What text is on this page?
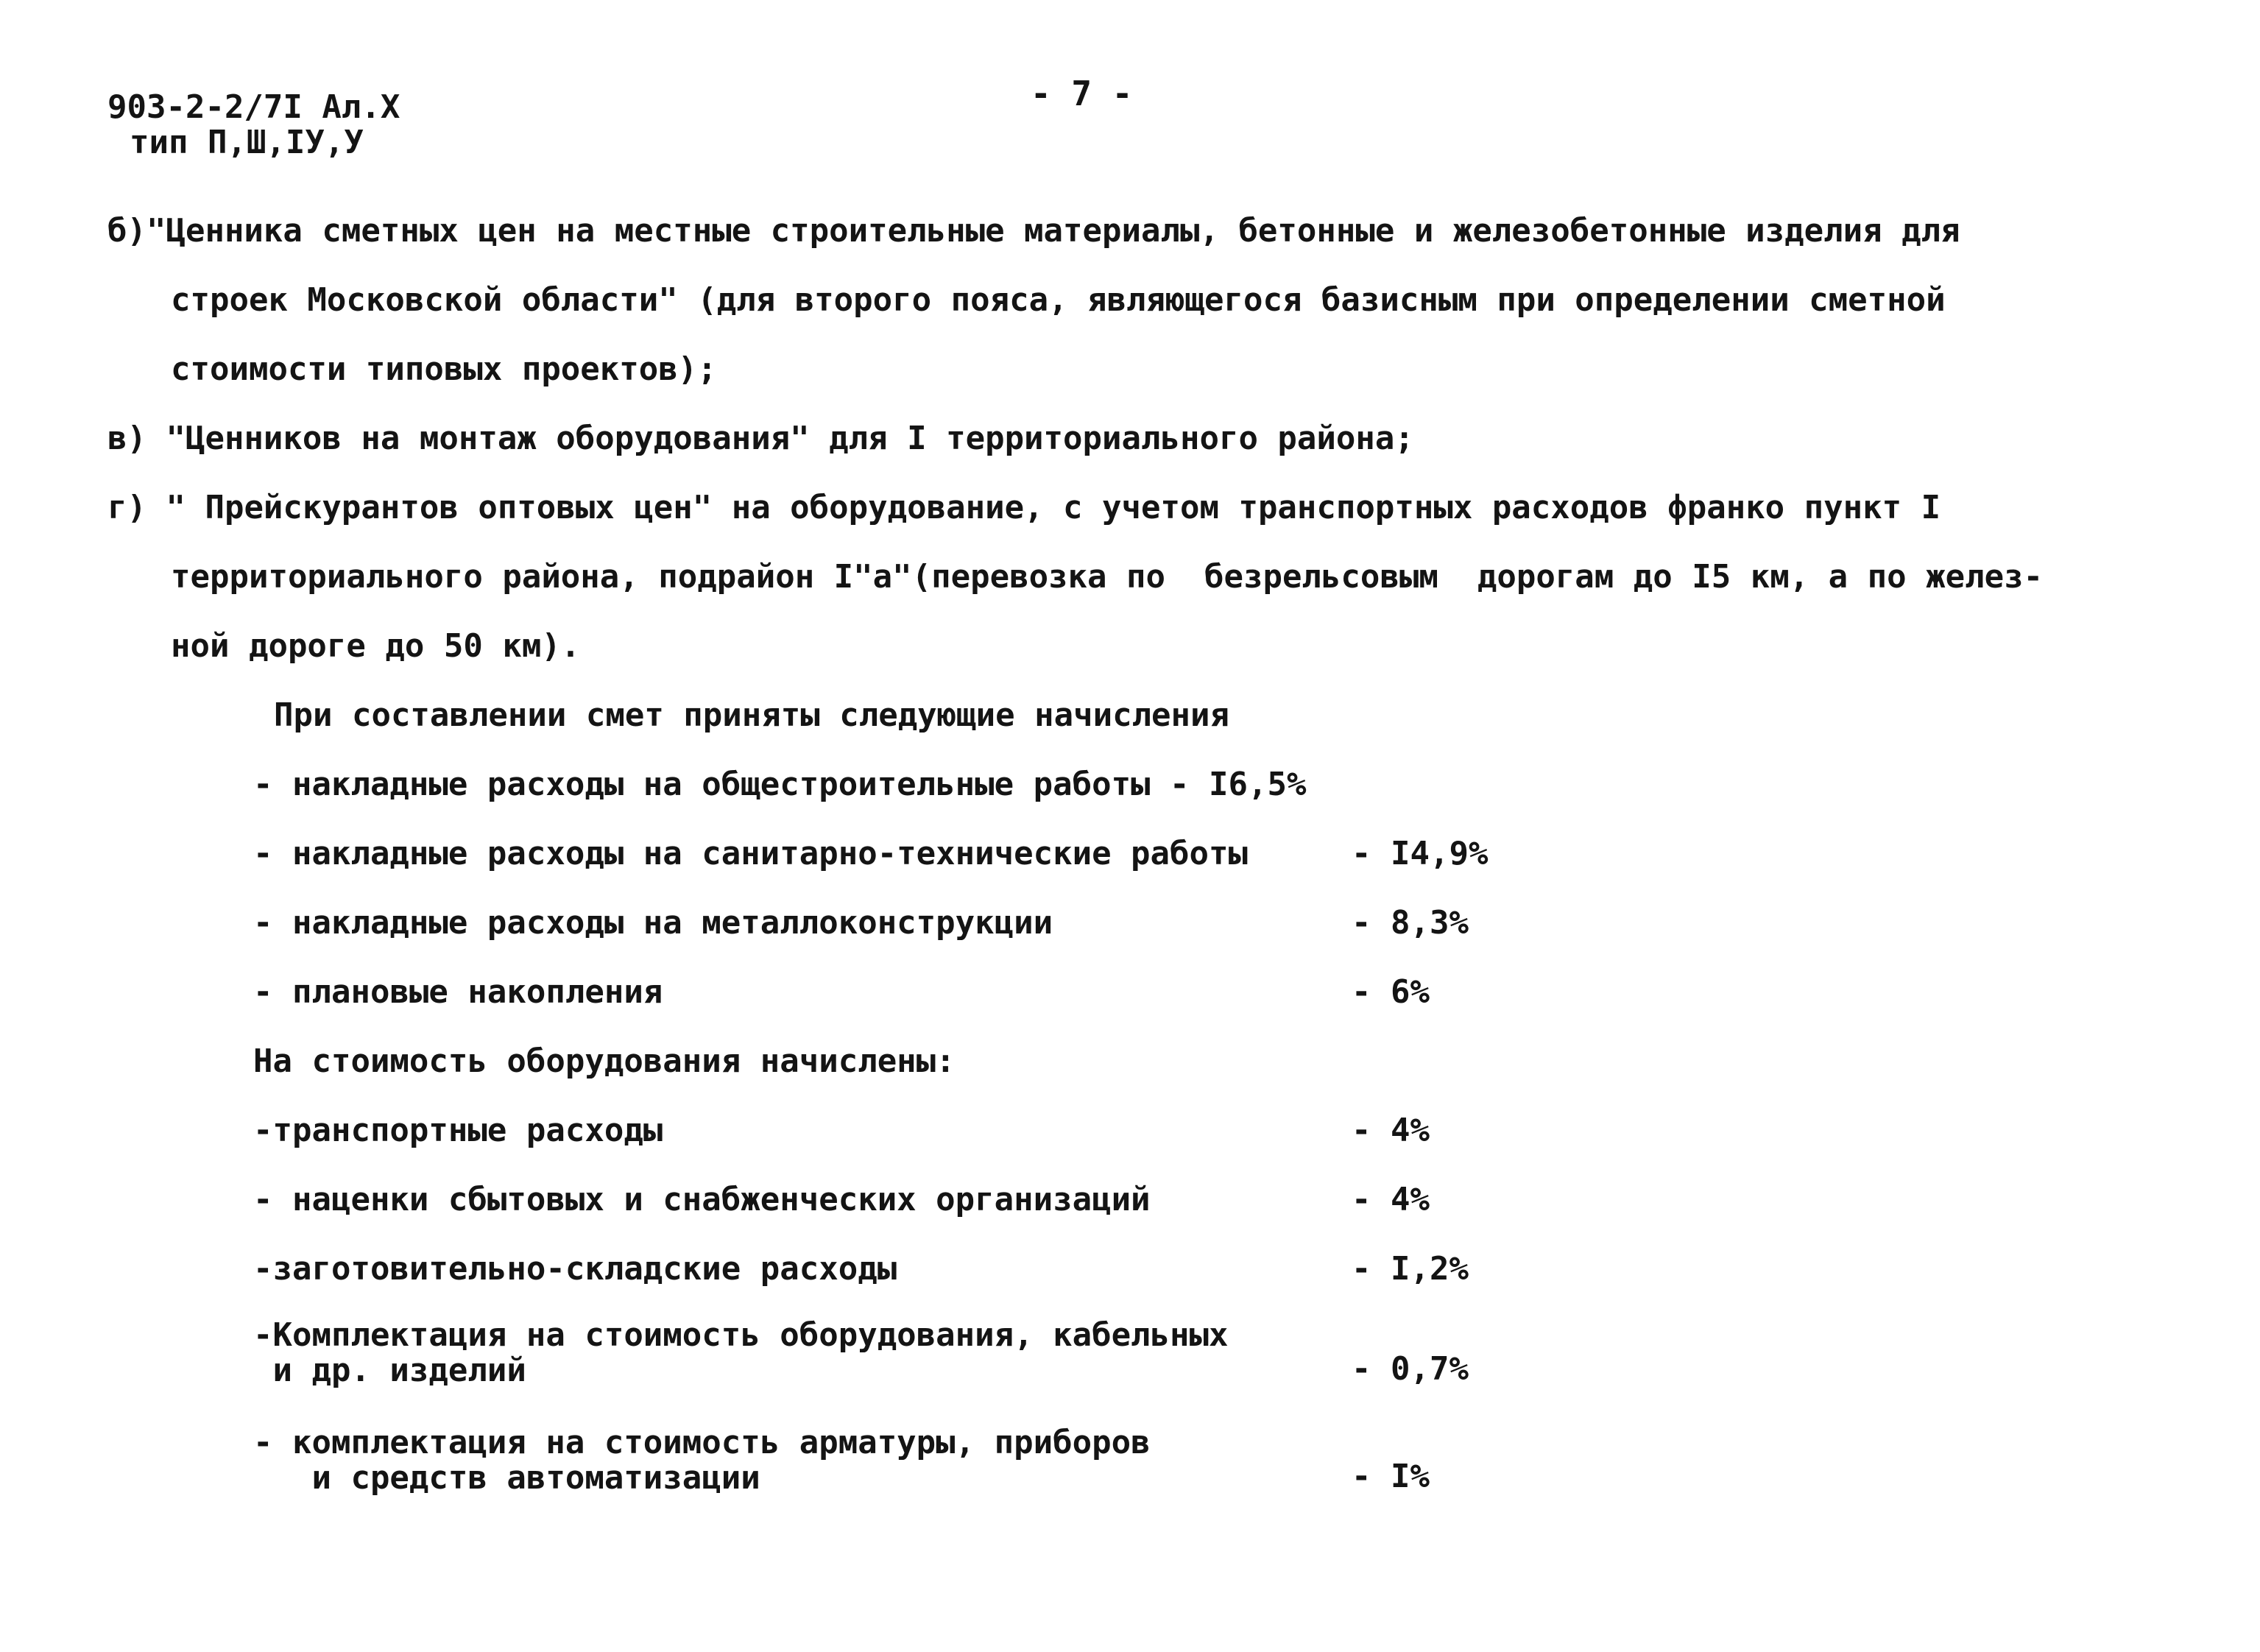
903-2-2/7I Ал.Х

тип П,Ш,IУ,У
- 7 -
б)"Ценника сметных цен на местные строительные материалы, бетонные и железобетонные изделия для
строек Московской области" (для второго пояса, являющегося базисным при определении сметной
стоимости типовых проектов);
в) "Ценников на монтаж оборудования" для I территориального района;
г) " Прейскурантов оптовых цен" на оборудование, с учетом транспортных расходов франко пункт I
территориального района, подрайон I"а"(перевозка по  безрельсовым  дорогам до I5 км, а по желез-
ной дороге до 50 км).
При составлении смет приняты следующие начисления
- накладные расходы на общестроительные работы - I6,5%
- накладные расходы на санитарно-технические работы	- I4,9%
- накладные расходы на металлоконструкции	- 8,3%
- плановые накопления	- 6%
На стоимость оборудования начислены:
-транспортные расходы	- 4%
- наценки сбытовых и снабженческих организаций	- 4%
-заготовительно-складские расходы	- I,2%
-Комплектация на стоимость оборудования, кабельных
и др. изделий	- 0,7%
- комплектация на стоимость арматуры, приборов
и средств автоматизации	- I%
